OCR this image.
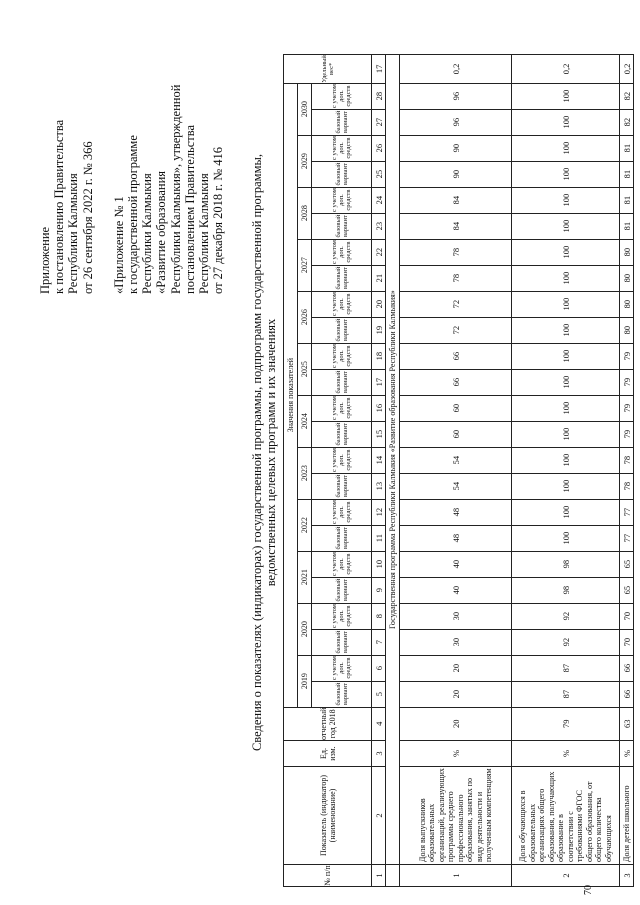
Приложение к постановлению Правительства Республики Калмыкия от 26 сентября 2022 г. № 366 «Приложение № 1 к государственной программе Республики Калмыкия «Развитие образования Республики Калмыкия», утвержденной постановлением Правительства Республики Калмыкия от 27 декабря 2018 г. № 416 Сведения о показателях (индикаторах) государственной программы, подпрограмм государственной программы, ведомственных целевых программ и их значениях
№ п/п	Показатель (индикатор) (наименование)	Ед. изм.	отчетный год 2018	Значения показателей																								Удельный вес*
				2019		2020		2021		2022		2023		2024		2025		2026		2027		2028		2029		2030		
				базовый вариант	с учетом доп. средств	базовый вариант	с учетом доп. средств	базовый вариант	с учетом доп. средств	базовый вариант	с учетом доп. средств	базовый вариант	с учетом доп. средств	базовый вариант	с учетом доп. средств	базовый вариант	с учетом доп. средств	базовый вариант	с учетом доп. средств	базовый вариант	с учетом доп. средств	базовый вариант	с учетом доп. средств	базовый вариант	с учетом доп. средств	базовый вариант	с учетом доп. средств	
1	2	3	4	5	6	7	8	9	10	11	12	13	14	15	16	17	18	19	20	21	22	23	24	25	26	27	28	17
	Государственная программа Республики Калмыкия «Развитие образования Республики Калмыкия»																											
1	Доля выпускников образовательных организаций, реализующих программы среднего профессионального образования, занятых по виду деятельности и полученным компетенциям	%	20	20	20	30	30	40	40	48	48	54	54	60	60	66	66	72	72	78	78	84	84	90	90	96	96	0,2
2	Доля обучающихся в образовательных организациях общего образования, получающих образование в соответствии с требованиями ФГОС общего образования, от общего количества обучающихся	%	79	87	87	92	92	98	98	100	100	100	100	100	100	100	100	100	100	100	100	100	100	100	100	100	100	0,2
3	Доля детей школьного	%	63	66	66	70	70	65	65	77	77	78	78	79	79	79	79	80	80	80	80	81	81	81	81	82	82	0,2
70
